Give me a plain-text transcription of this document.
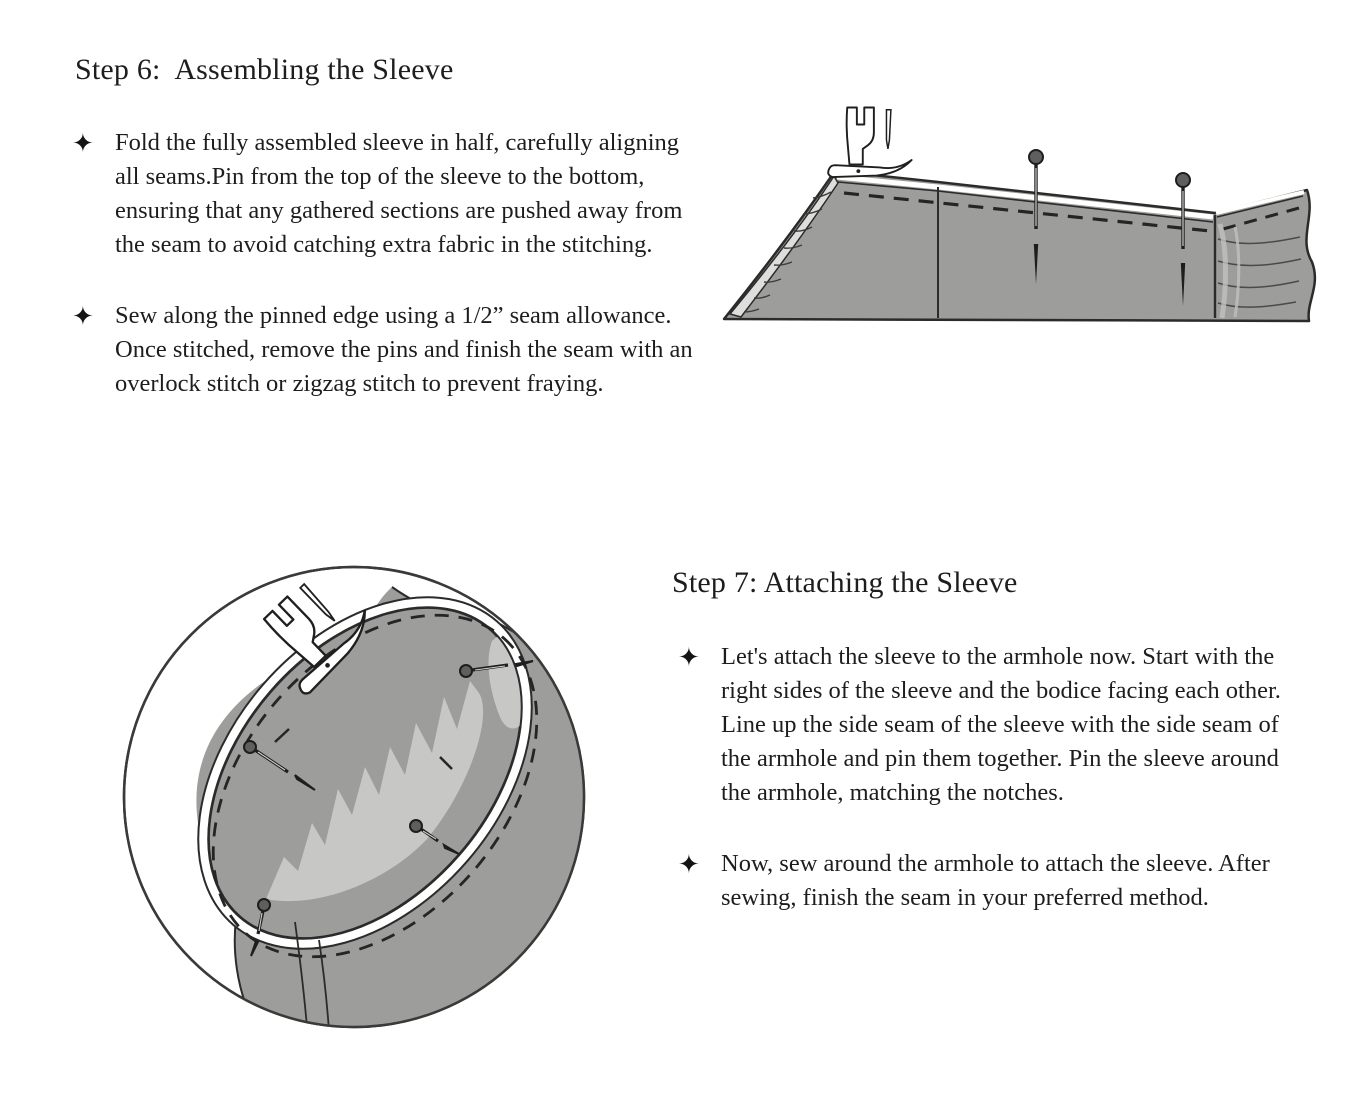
Step 6:  Assembling the Sleeve
✦ Fold the fully assembled sleeve in half, carefully aligning all seams.Pin from the top of the sleeve to the bottom, ensuring that any gathered sections are pushed away from the seam to avoid catching extra fabric in the stitching.
✦ Sew along the pinned edge using a 1/2” seam allowance. Once stitched, remove the pins and finish the seam with an overlock stitch or zigzag stitch to prevent fraying.
Step 7: Attaching the Sleeve
✦ Let's attach the sleeve to the armhole now. Start with the right sides of the sleeve and the bodice facing each other. Line up the side seam of the sleeve with the side seam of the armhole and pin them together. Pin the sleeve around the armhole, matching the notches.
✦ Now, sew around the armhole to attach the sleeve. After sewing, finish the seam in your preferred method.
